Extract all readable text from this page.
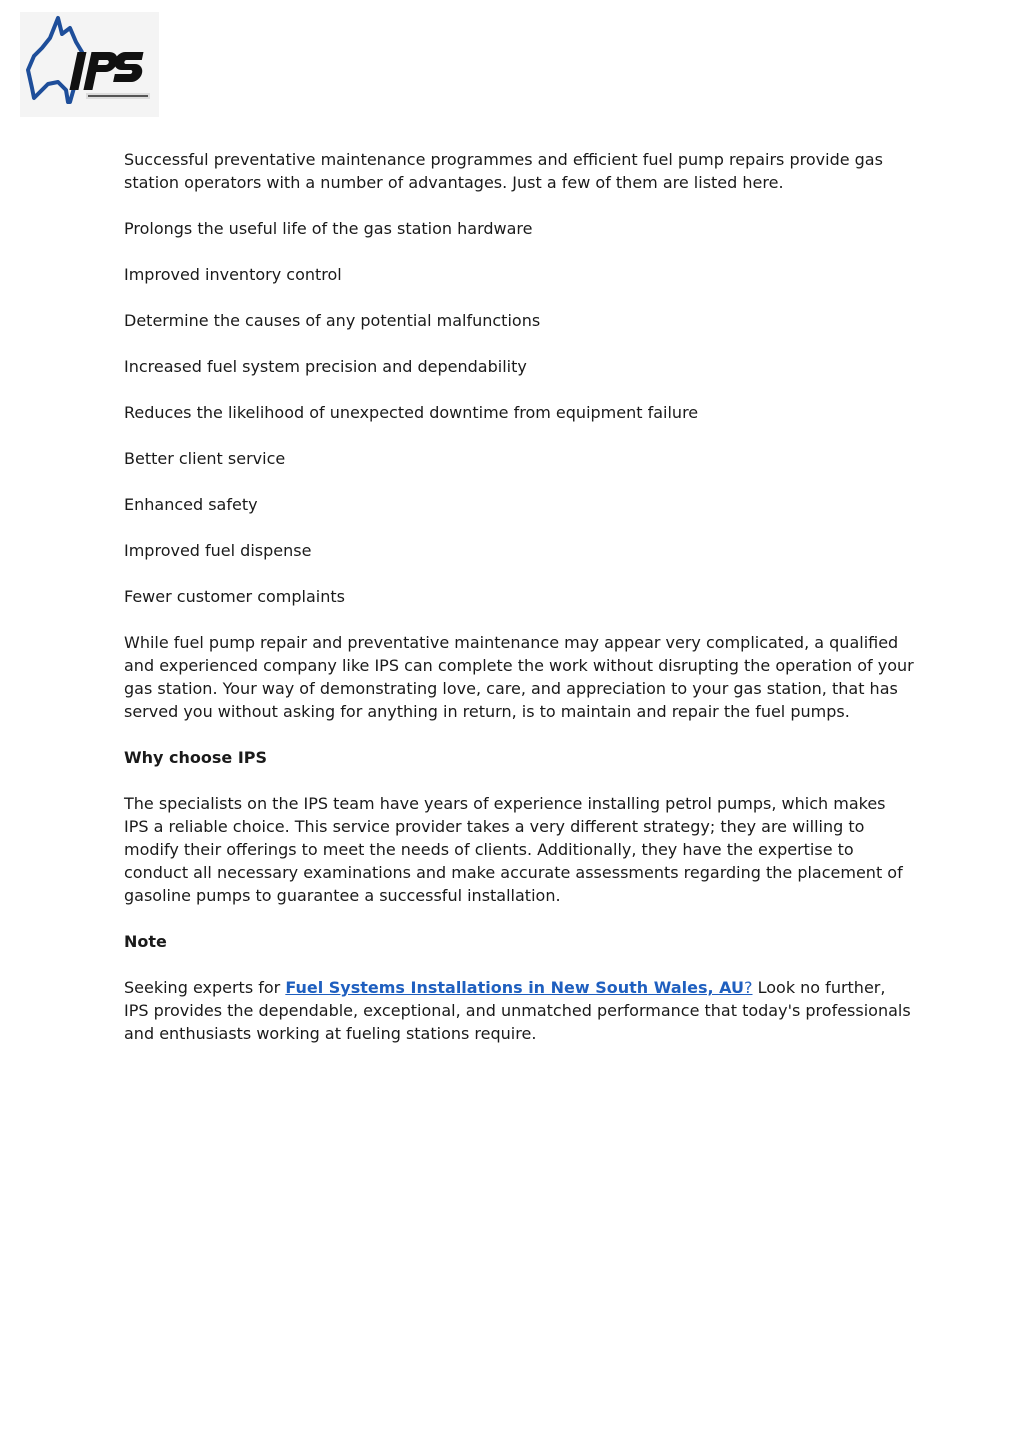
Successful preventative maintenance programmes and efficient fuel pump repairs provide gas station operators with a number of advantages. Just a few of them are listed here.

Prolongs the useful life of the gas station hardware

Improved inventory control

Determine the causes of any potential malfunctions

Increased fuel system precision and dependability

Reduces the likelihood of unexpected downtime from equipment failure

Better client service

Enhanced safety

Improved fuel dispense

Fewer customer complaints

While fuel pump repair and preventative maintenance may appear very complicated, a qualified and experienced company like IPS can complete the work without disrupting the operation of your gas station. Your way of demonstrating love, care, and appreciation to your gas station, that has served you without asking for anything in return, is to maintain and repair the fuel pumps.

Why choose IPS

The specialists on the IPS team have years of experience installing petrol pumps, which makes IPS a reliable choice. This service provider takes a very different strategy; they are willing to modify their offerings to meet the needs of clients. Additionally, they have the expertise to conduct all necessary examinations and make accurate assessments regarding the placement of gasoline pumps to guarantee a successful installation.

Note

Seeking experts for Fuel Systems Installations in New South Wales, AU? Look no further, IPS provides the dependable, exceptional, and unmatched performance that today's professionals and enthusiasts working at fueling stations require.
